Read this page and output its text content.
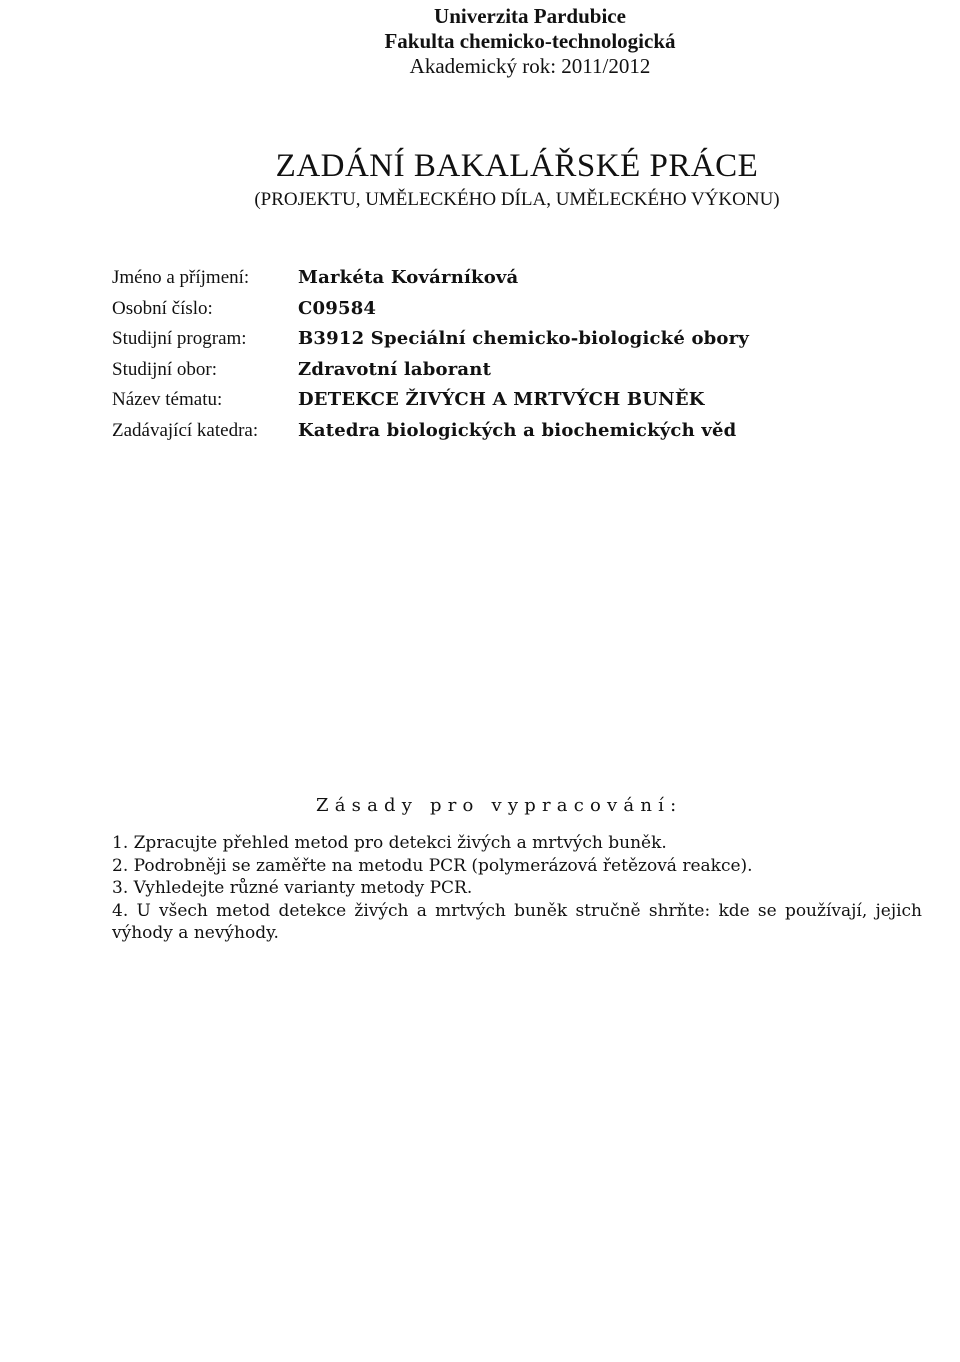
Univerzita Pardubice
Fakulta chemicko-technologická
Akademický rok: 2011/2012
ZADÁNÍ BAKALÁŘSKÉ PRÁCE
(PROJEKTU, UMĚLECKÉHO DÍLA, UMĚLECKÉHO VÝKONU)
Jméno a příjmení:	Markéta Kovárníková
Osobní číslo:	C09584
Studijní program:	B3912 Speciální chemicko-biologické obory
Studijní obor:	Zdravotní laborant
Název tématu:	DETEKCE ŽIVÝCH A MRTVÝCH BUNĚK
Zadávající katedra:	Katedra biologických a biochemických věd
Zásady pro vypracování:
1. Zpracujte přehled metod pro detekci živých a mrtvých buněk.
2. Podrobněji se zaměřte na metodu PCR (polymerázová řetězová reakce).
3. Vyhledejte různé varianty metody PCR.
4. U všech metod detekce živých a mrtvých buněk stručně shrňte: kde se používají, jejich výhody a nevýhody.
